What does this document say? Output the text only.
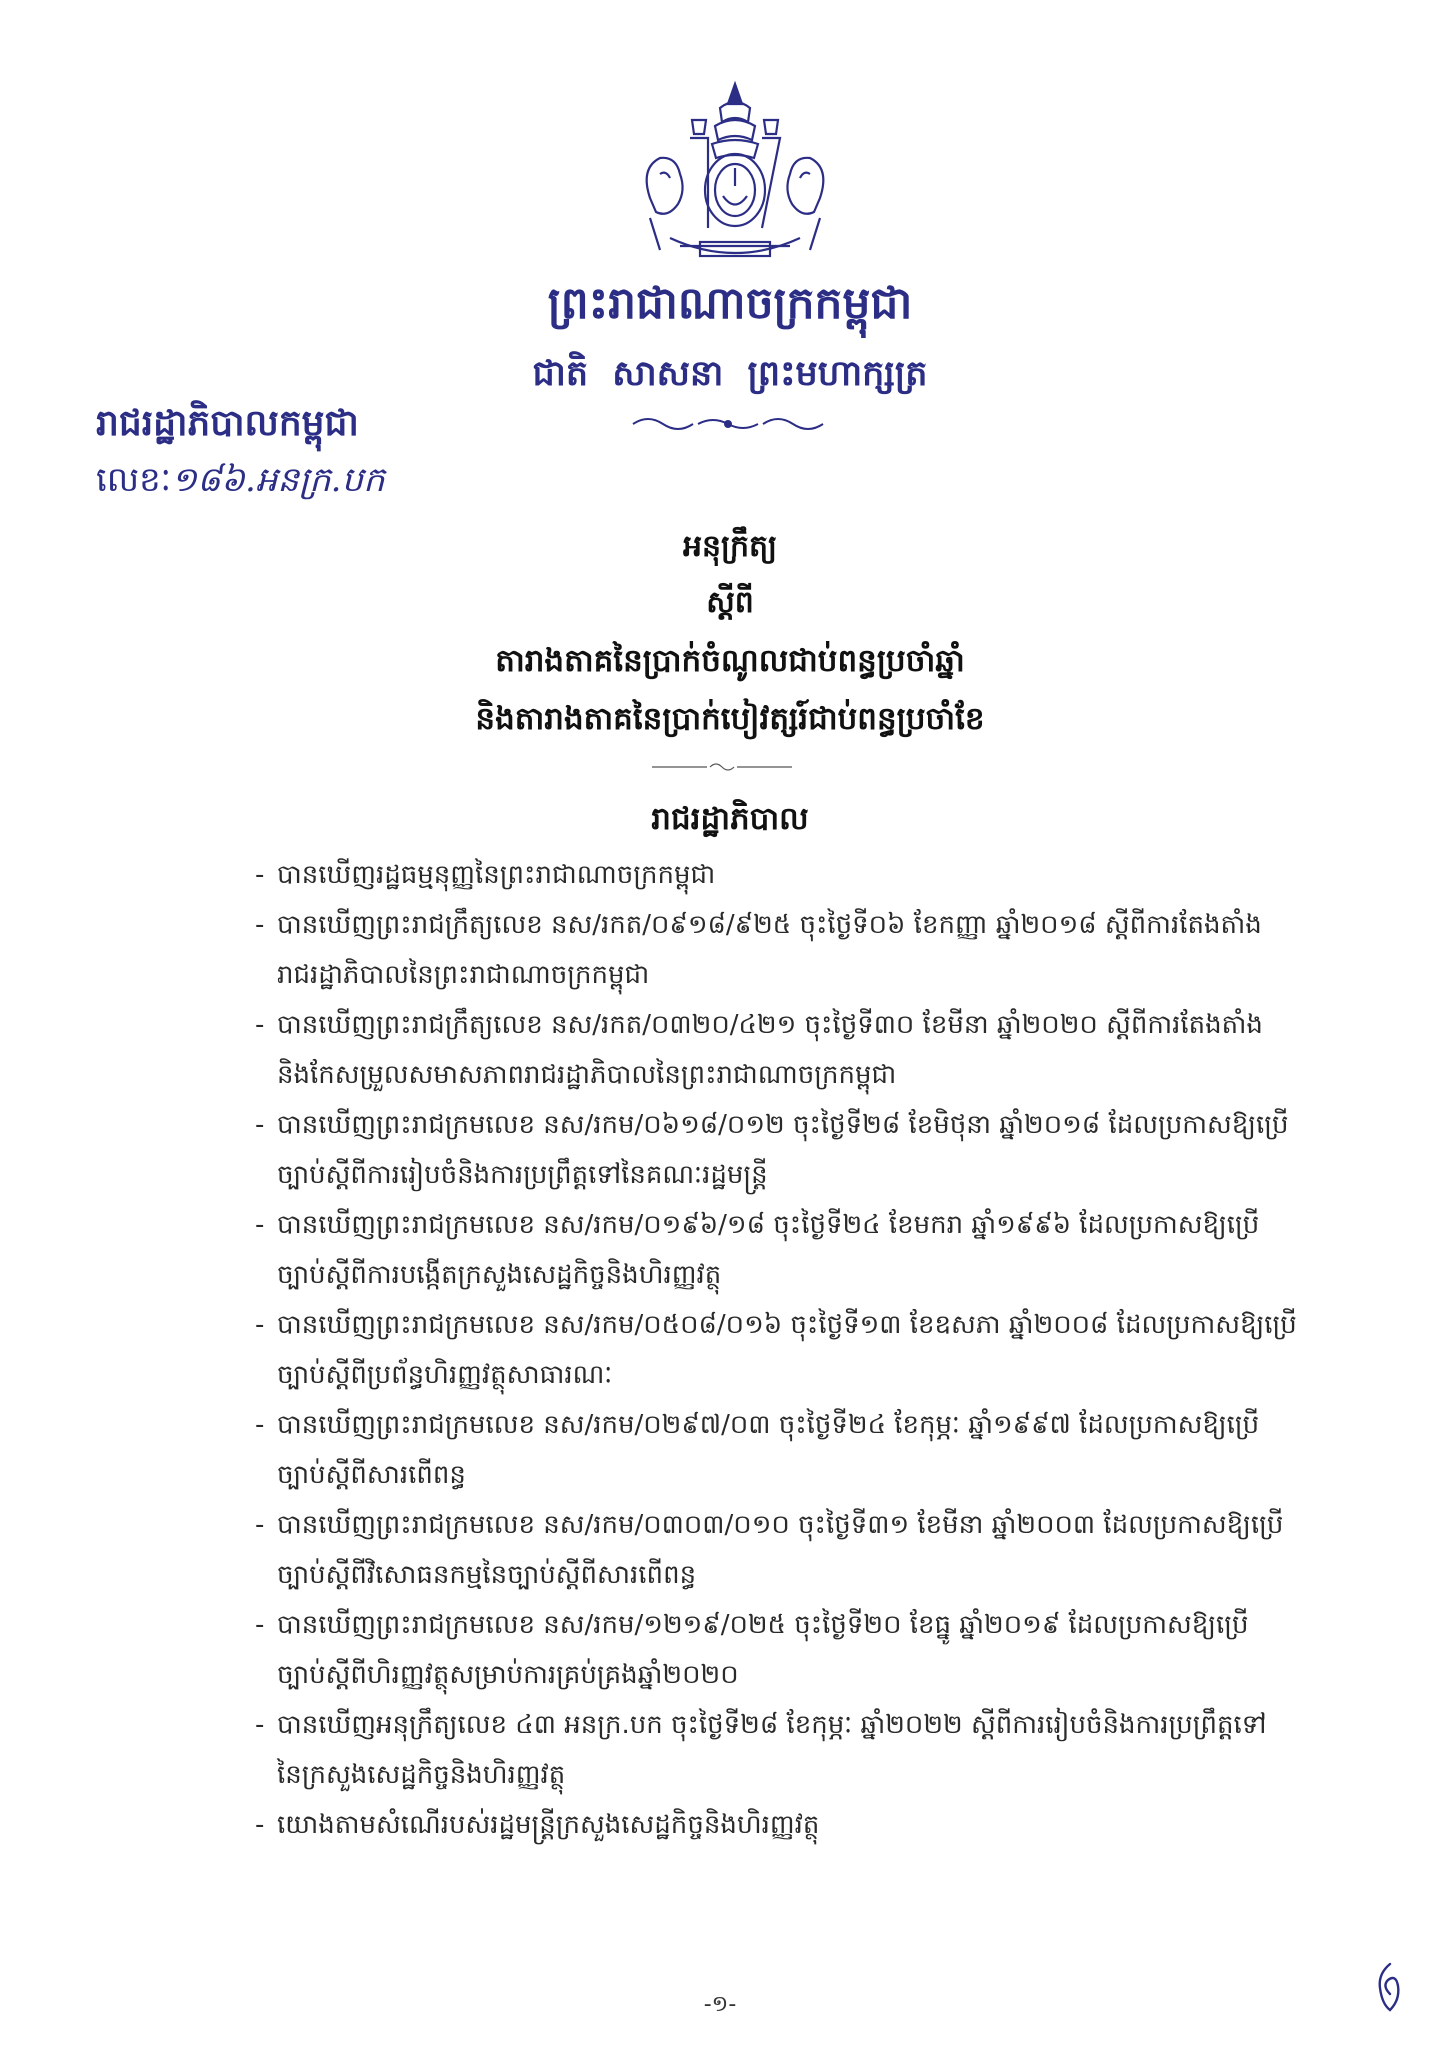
ព្រះរាជាណាចក្រកម្ពុជា
ជាតិ សាសនា ព្រះមហាក្សត្រ
រាជរដ្ឋាភិបាលកម្ពុជា
លេខៈ១៨៦.អនក្រ.បក
អនុក្រឹត្យ
ស្តីពី
តារាងតាគនៃប្រាក់ចំណូលជាប់ពន្ធប្រចាំឆ្នាំ
និងតារាងតាគនៃប្រាក់បៀវត្សរ៍ជាប់ពន្ធប្រចាំខែ
រាជរដ្ឋាភិបាល
- បានឃើញរដ្ឋធម្មនុញ្ញនៃព្រះរាជាណាចក្រកម្ពុជា
- បានឃើញព្រះរាជក្រឹត្យលេខ នស/រកត/០៩១៨/៩២៥ ចុះថ្ងៃទី០៦ ខែកញ្ញា ឆ្នាំ២០១៨ ស្តីពីការតែងតាំង
រាជរដ្ឋាភិបាលនៃព្រះរាជាណាចក្រកម្ពុជា
- បានឃើញព្រះរាជក្រឹត្យលេខ នស/រកត/០៣២០/៤២១ ចុះថ្ងៃទី៣០ ខែមីនា ឆ្នាំ២០២០ ស្តីពីការតែងតាំង
និងកែសម្រួលសមាសភាពរាជរដ្ឋាភិបាលនៃព្រះរាជាណាចក្រកម្ពុជា
- បានឃើញព្រះរាជក្រមលេខ នស/រកម/០៦១៨/០១២ ចុះថ្ងៃទី២៨ ខែមិថុនា ឆ្នាំ២០១៨ ដែលប្រកាសឱ្យប្រើ
ច្បាប់ស្តីពីការរៀបចំនិងការប្រព្រឹត្តទៅនៃគណៈរដ្ឋមន្ត្រី
- បានឃើញព្រះរាជក្រមលេខ នស/រកម/០១៩៦/១៨ ចុះថ្ងៃទី២៤ ខែមករា ឆ្នាំ១៩៩៦ ដែលប្រកាសឱ្យប្រើ
ច្បាប់ស្តីពីការបង្កើតក្រសួងសេដ្ឋកិច្ចនិងហិរញ្ញវត្ថុ
- បានឃើញព្រះរាជក្រមលេខ នស/រកម/០៥០៨/០១៦ ចុះថ្ងៃទី១៣ ខែឧសភា ឆ្នាំ២០០៨ ដែលប្រកាសឱ្យប្រើ
ច្បាប់ស្តីពីប្រព័ន្ធហិរញ្ញវត្ថុសាធារណៈ
- បានឃើញព្រះរាជក្រមលេខ នស/រកម/០២៩៧/០៣ ចុះថ្ងៃទី២៤ ខែកុម្ភៈ ឆ្នាំ១៩៩៧ ដែលប្រកាសឱ្យប្រើ
ច្បាប់ស្តីពីសារពើពន្ធ
- បានឃើញព្រះរាជក្រមលេខ នស/រកម/០៣០៣/០១០ ចុះថ្ងៃទី៣១ ខែមីនា ឆ្នាំ២០០៣ ដែលប្រកាសឱ្យប្រើ
ច្បាប់ស្តីពីវិសោធនកម្មនៃច្បាប់ស្តីពីសារពើពន្ធ
- បានឃើញព្រះរាជក្រមលេខ នស/រកម/១២១៩/០២៥ ចុះថ្ងៃទី២០ ខែធ្នូ ឆ្នាំ២០១៩ ដែលប្រកាសឱ្យប្រើ
ច្បាប់ស្តីពីហិរញ្ញវត្ថុសម្រាប់ការគ្រប់គ្រងឆ្នាំ២០២០
- បានឃើញអនុក្រឹត្យលេខ ៤៣ អនក្រ.បក ចុះថ្ងៃទី២៨ ខែកុម្ភៈ ឆ្នាំ២០២២ ស្តីពីការរៀបចំនិងការប្រព្រឹត្តទៅ
នៃក្រសួងសេដ្ឋកិច្ចនិងហិរញ្ញវត្ថុ
- យោងតាមសំណើរបស់រដ្ឋមន្ត្រីក្រសួងសេដ្ឋកិច្ចនិងហិរញ្ញវត្ថុ
-១-
